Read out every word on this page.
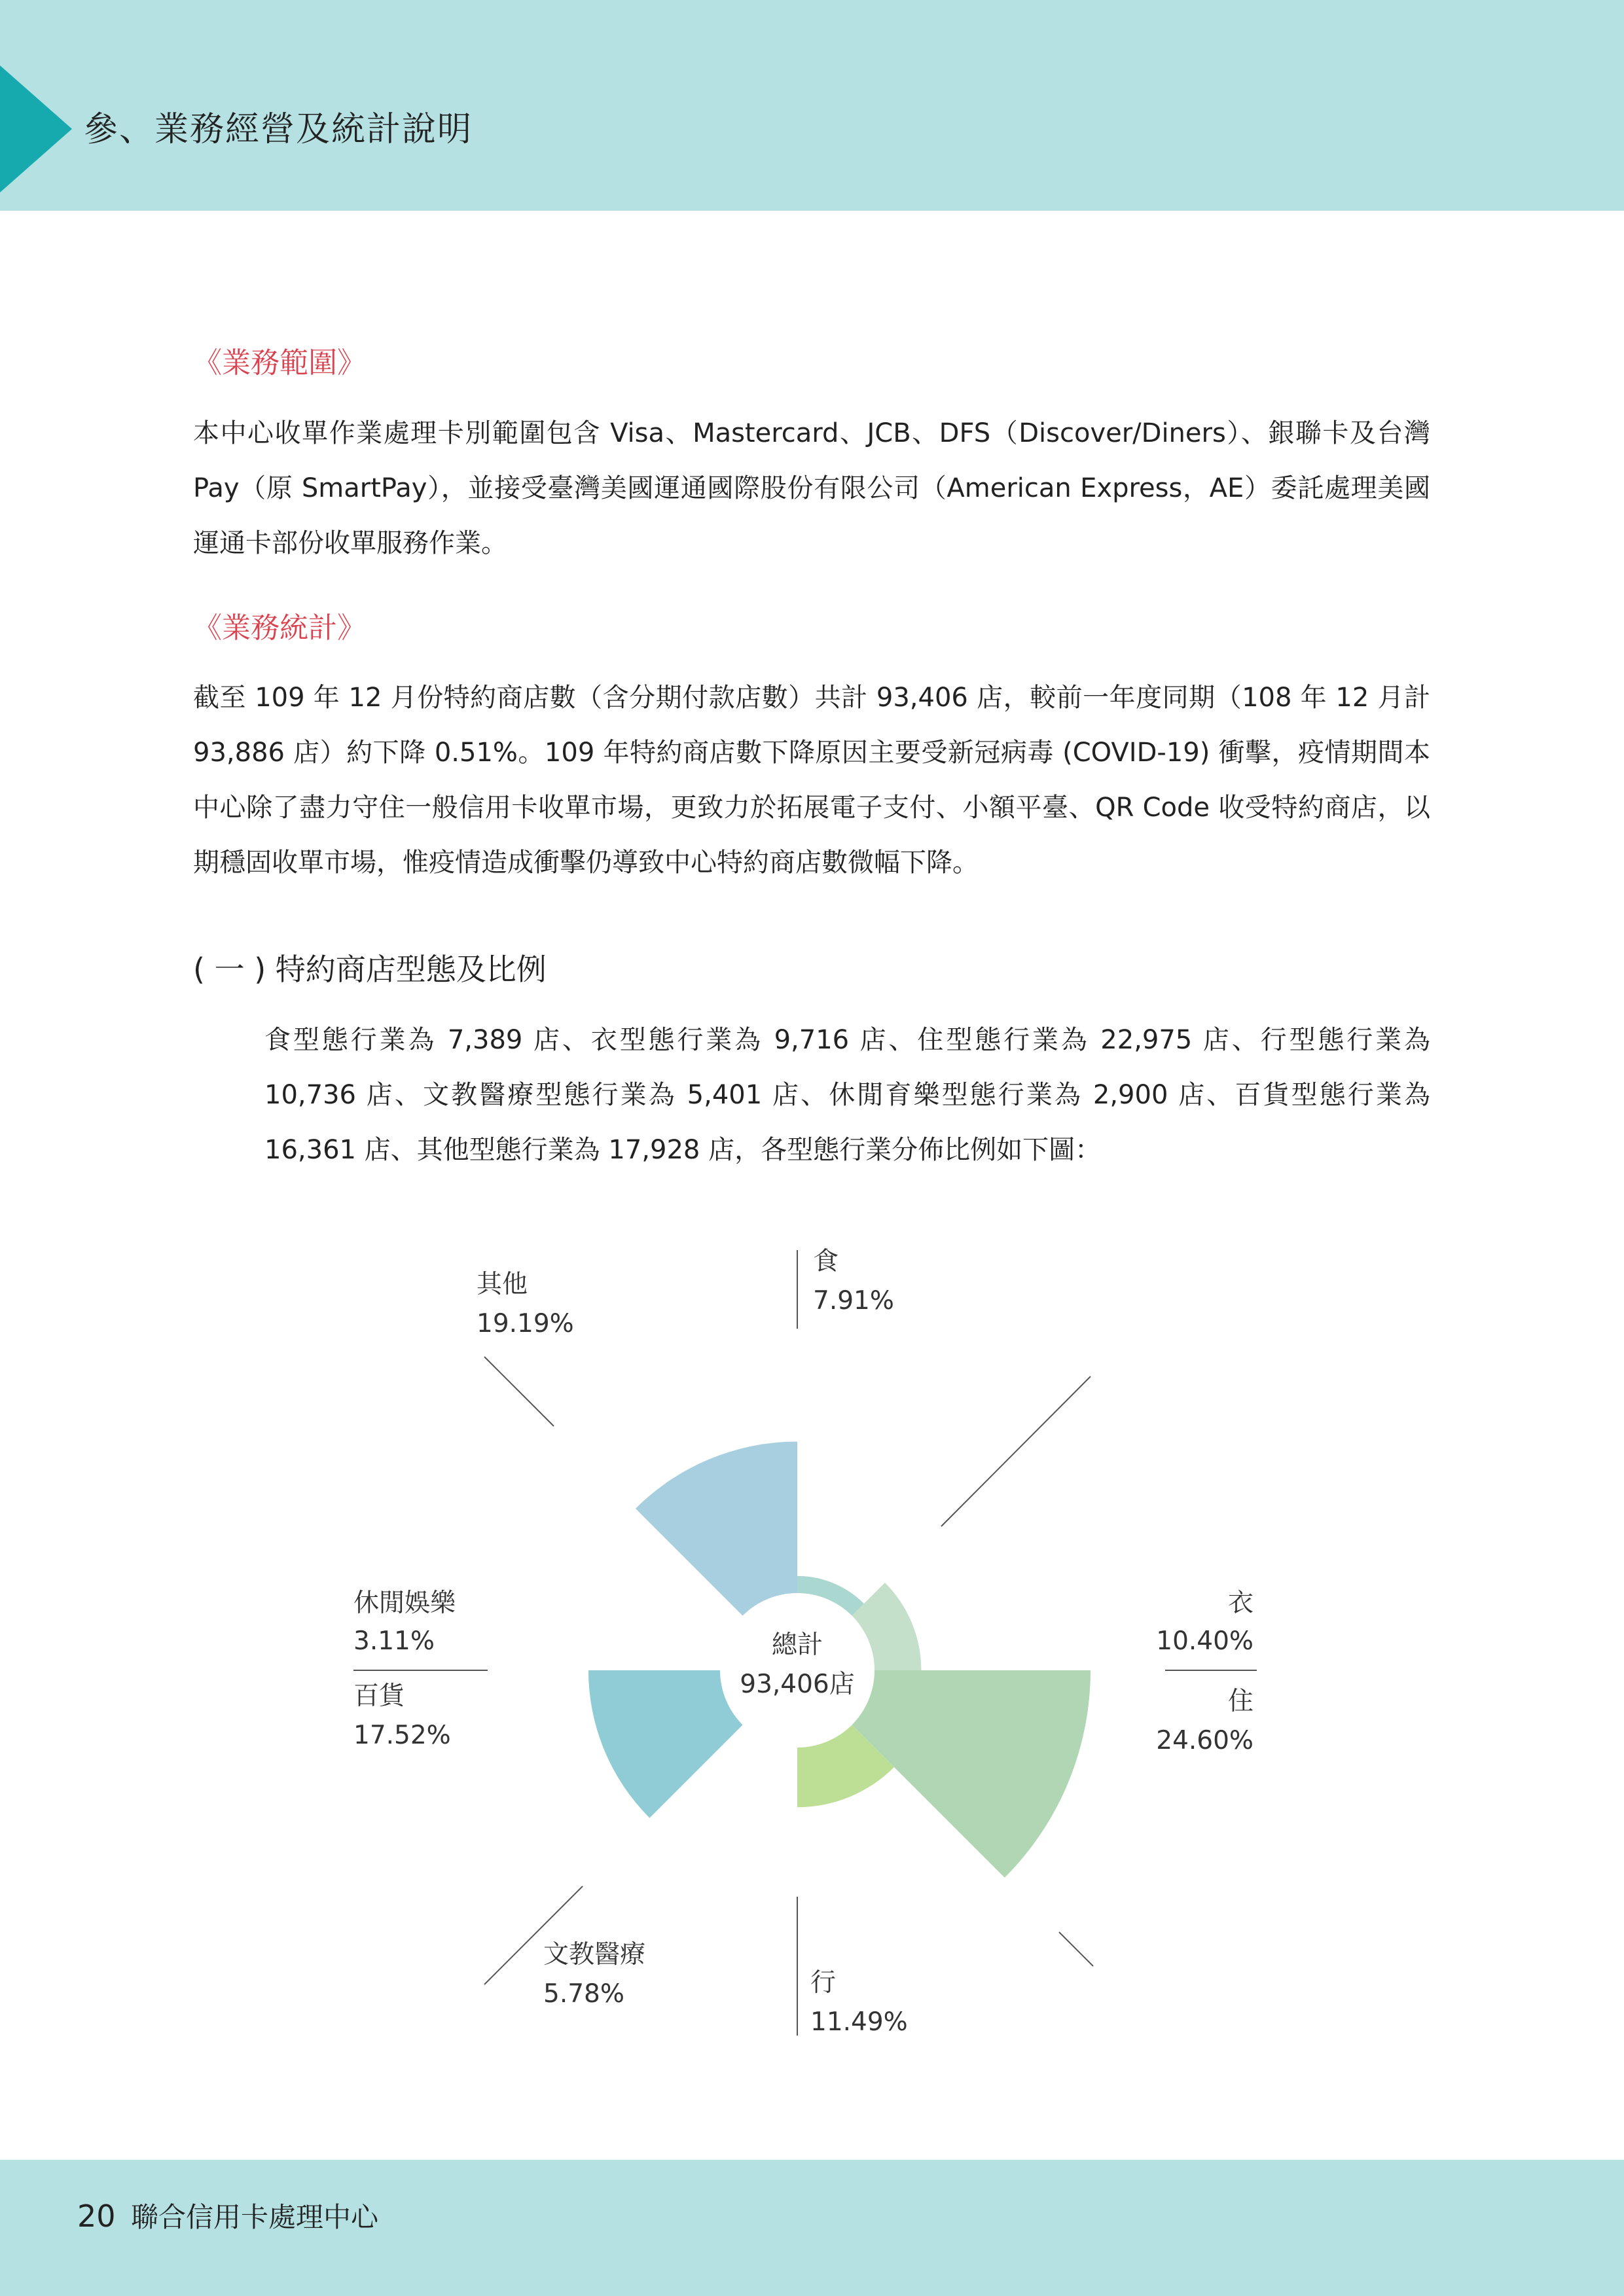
參、業務經營及統計說明
《業務範圍》
本中心收單作業處理卡別範圍包含 Visa、Mastercard、JCB、DFS（Discover/Diners）、銀聯卡及台灣 Pay（原 SmartPay），並接受臺灣美國運通國際股份有限公司（American Express，AE）委託處理美國運通卡部份收單服務作業。
《業務統計》
截至 109 年 12 月份特約商店數（含分期付款店數）共計 93,406 店，較前一年度同期（108 年 12 月計 93,886 店）約下降 0.51%。109 年特約商店數下降原因主要受新冠病毒 (COVID-19) 衝擊，疫情期間本中心除了盡力守住一般信用卡收單市場，更致力於拓展電子支付、小額平臺、QR Code 收受特約商店，以期穩固收單市場，惟疫情造成衝擊仍導致中心特約商店數微幅下降。
( 一 ) 特約商店型態及比例
食型態行業為 7,389 店、衣型態行業為 9,716 店、住型態行業為 22,975 店、行型態行業為 10,736 店、文教醫療型態行業為 5,401 店、休閒育樂型態行業為 2,900 店、百貨型態行業為 16,361 店、其他型態行業為 17,928 店，各型態行業分佈比例如下圖：
食
7.91%
其他
19.19%
衣
10.40%
住
24.60%
休閒娛樂
3.11%
百貨
17.52%
文教醫療
5.78%	行
11.49%
總計
93,406店
20 聯合信用卡處理中心
